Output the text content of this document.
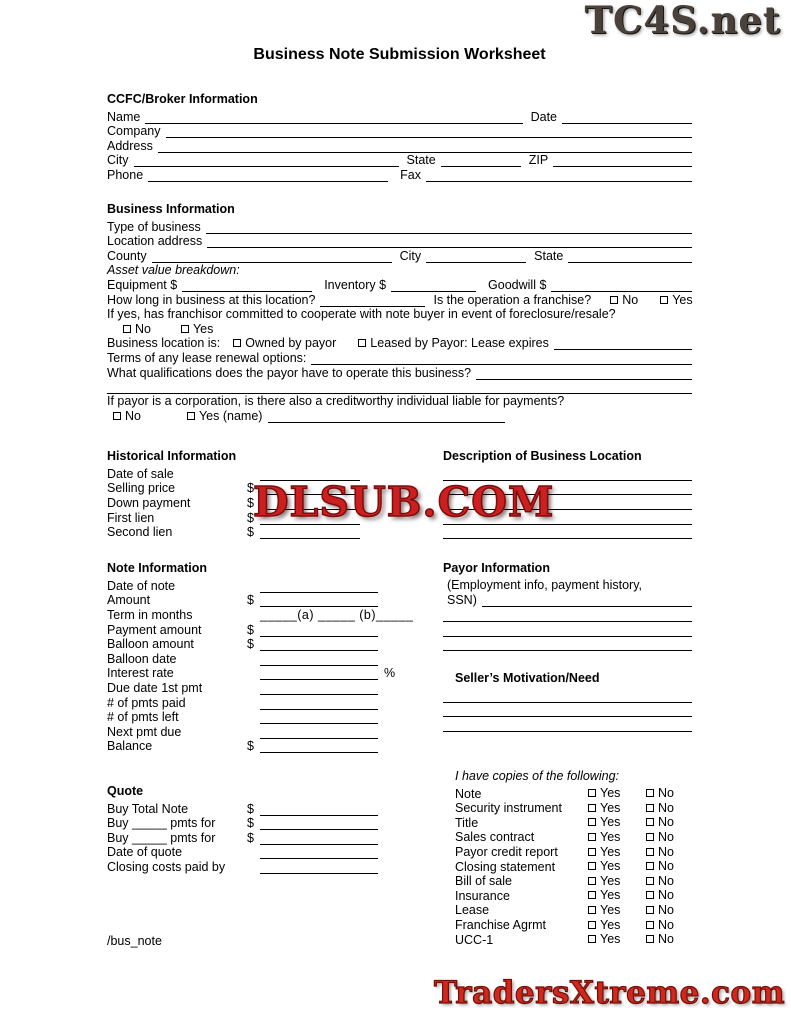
TC4S.net
Business Note Submission Worksheet
CCFC/Broker Information
Name	Date
Company
Address
City	State	ZIP
Phone	Fax
Business Information
Type of business
Location address
County	City	State
Asset value breakdown:
Equipment $	Inventory $	Goodwill $
How long in business at this location?	Is the operation a franchise?	No	Yes
If yes, has franchisor committed to cooperate with note buyer in event of foreclosure/resale?
No	Yes
Business location is:	Owned by payor	Leased by Payor: Lease expires
Terms of any lease renewal options:
What qualifications does the payor have to operate this business?
If payor is a corporation, is there also a creditworthy individual liable for payments?
No	Yes (name)
Historical Information
Date of sale
Selling price	$
Down payment	$
First lien	$
Second lien	$
Description of Business Location
Note Information
Date of note
Amount	$
Term in months	_____(a) _____ (b)_____
Payment amount	$
Balloon amount	$
Balloon date
Interest rate	%
Due date 1st pmt
# of pmts paid
# of pmts left
Next pmt due
Balance	$
Payor Information
(Employment info, payment history,
SSN)
Seller’s Motivation/Need
Quote
Buy Total Note	$
Buy _____ pmts for	$
Buy _____ pmts for	$
Date of quote
Closing costs paid by
I have copies of the following:
Note	Yes	No
Security instrument	Yes	No
Title	Yes	No
Sales contract	Yes	No
Payor credit report	Yes	No
Closing statement	Yes	No
Bill of sale	Yes	No
Insurance	Yes	No
Lease	Yes	No
Franchise Agrmt	Yes	No
UCC-1	Yes	No
/bus_note
DLSUB.COM
TradersXtreme.com
